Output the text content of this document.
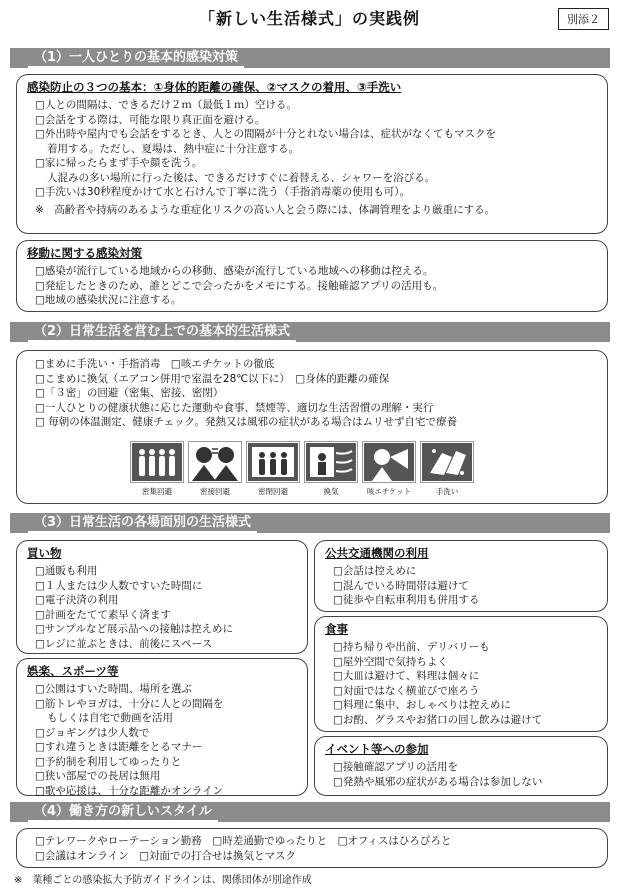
「新しい生活様式」の実践例	別添２
（1）一人ひとりの基本的感染対策
感染防止の３つの基本：①身体的距離の確保、②マスクの着用、③手洗い
□人との間隔は、できるだけ２ｍ（最低１ｍ）空ける。
□会話をする際は、可能な限り真正面を避ける。
□外出時や屋内でも会話をするとき、人との間隔が十分とれない場合は、症状がなくてもマスクを
着用する。ただし、夏場は、熱中症に十分注意する。
□家に帰ったらまず手や顔を洗う。
人混みの多い場所に行った後は、できるだけすぐに着替える、シャワーを浴びる。
□手洗いは30秒程度かけて水と石けんで丁寧に洗う（手指消毒薬の使用も可）。
※　高齢者や持病のあるような重症化リスクの高い人と会う際には、体調管理をより厳重にする。
移動に関する感染対策
□感染が流行している地域からの移動、感染が流行している地域への移動は控える。
□発症したときのため、誰とどこで会ったかをメモにする。接触確認アプリの活用も。
□地域の感染状況に注意する。
（2）日常生活を営む上での基本的生活様式
□まめに手洗い・手指消毒　□咳エチケットの徹底
□こまめに換気（エアコン併用で室温を28℃以下に）　□身体的距離の確保
□「３密」の回避（密集、密接、密閉）
□一人ひとりの健康状態に応じた運動や食事、禁煙等、適切な生活習慣の理解・実行
□ 毎朝の体温測定、健康チェック。発熱又は風邪の症状がある場合はムリせず自宅で療養
密集回避	密接回避	密閉回避	換気	咳エチケット	手洗い
（3）日常生活の各場面別の生活様式
買い物
□通販も利用
□１人または少人数ですいた時間に
□電子決済の利用
□計画をたてて素早く済ます
□サンプルなど展示品への接触は控えめに
□レジに並ぶときは、前後にスペース
娯楽、スポーツ等
□公園はすいた時間、場所を選ぶ
□筋トレやヨガは、十分に人との間隔を
もしくは自宅で動画を活用
□ジョギングは少人数で
□すれ違うときは距離をとるマナー
□予約制を利用してゆったりと
□狭い部屋での長居は無用
□歌や応援は、十分な距離かオンライン
公共交通機関の利用
□会話は控えめに
□混んでいる時間帯は避けて
□徒歩や自転車利用も併用する
食事
□持ち帰りや出前、デリバリーも
□屋外空間で気持ちよく
□大皿は避けて、料理は個々に
□対面ではなく横並びで座ろう
□料理に集中、おしゃべりは控えめに
□お酌、グラスやお猪口の回し飲みは避けて
イベント等への参加
□接触確認アプリの活用を
□発熱や風邪の症状がある場合は参加しない
（4）働き方の新しいスタイル
□テレワークやローテーション勤務　□時差通勤でゆったりと　□オフィスはひろびろと
□会議はオンライン　□対面での打合せは換気とマスク
※　業種ごとの感染拡大予防ガイドラインは、関係団体が別途作成
